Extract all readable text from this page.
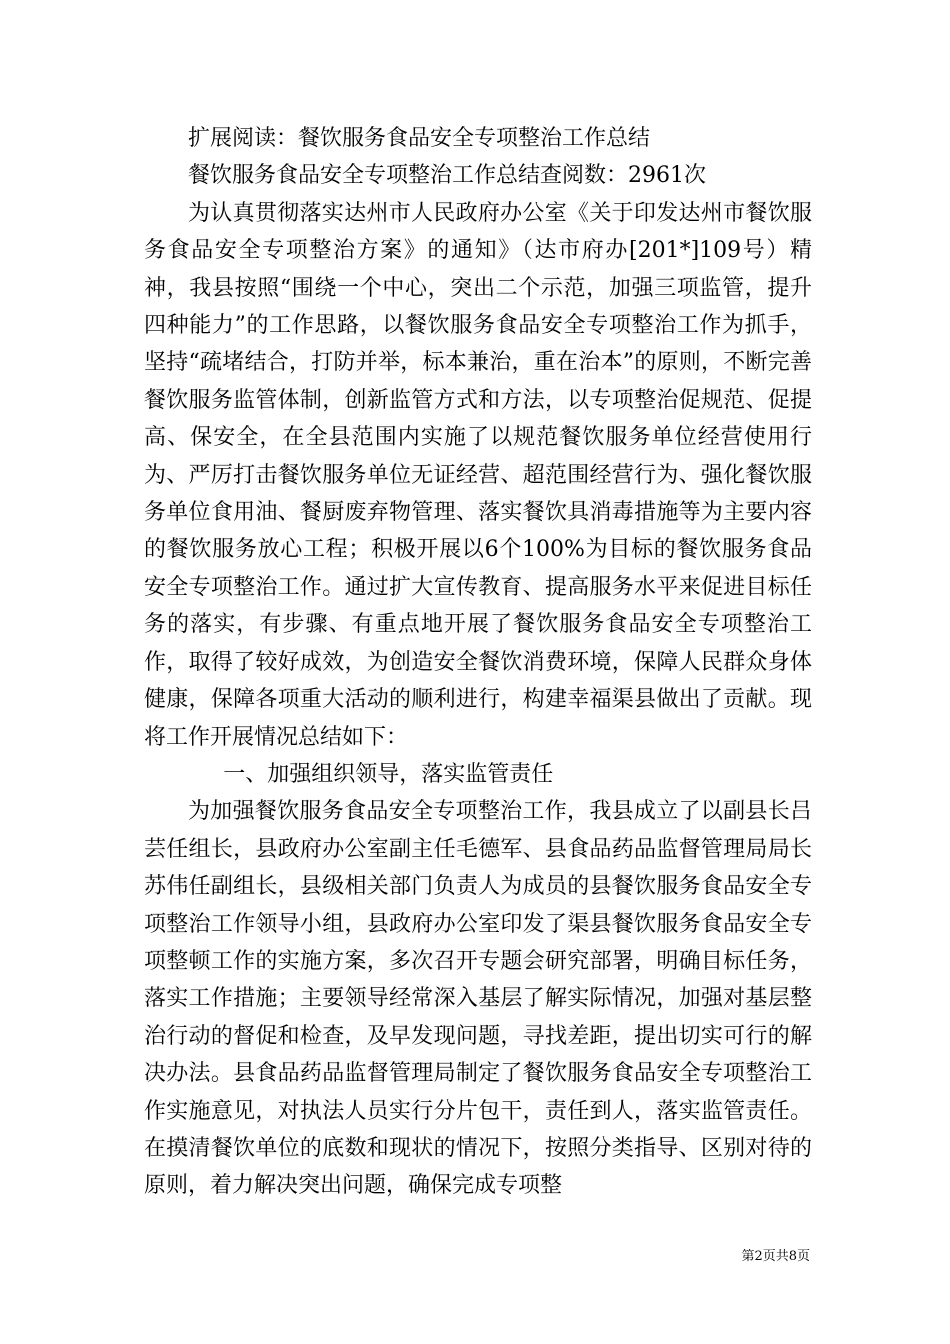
扩展阅读：餐饮服务食品安全专项整治工作总结

餐饮服务食品安全专项整治工作总结查阅数：2961次

为认真贯彻落实达州市人民政府办公室《关于印发达州市餐饮服务食品安全专项整治方案》的通知》（达市府办[201*]109号）精神，我县按照“围绕一个中心，突出二个示范，加强三项监管，提升四种能力”的工作思路，以餐饮服务食品安全专项整治工作为抓手，坚持“疏堵结合，打防并举，标本兼治，重在治本”的原则，不断完善餐饮服务监管体制，创新监管方式和方法，以专项整治促规范、促提高、保安全，在全县范围内实施了以规范餐饮服务单位经营使用行为、严厉打击餐饮服务单位无证经营、超范围经营行为、强化餐饮服务单位食用油、餐厨废弃物管理、落实餐饮具消毒措施等为主要内容的餐饮服务放心工程；积极开展以6个100%为目标的餐饮服务食品安全专项整治工作。通过扩大宣传教育、提高服务水平来促进目标任务的落实，有步骤、有重点地开展了餐饮服务食品安全专项整治工作，取得了较好成效，为创造安全餐饮消费环境，保障人民群众身体健康，保障各项重大活动的顺利进行，构建幸福渠县做出了贡献。现将工作开展情况总结如下：

一、加强组织领导，落实监管责任

为加强餐饮服务食品安全专项整治工作，我县成立了以副县长吕芸任组长，县政府办公室副主任毛德军、县食品药品监督管理局局长苏伟任副组长，县级相关部门负责人为成员的县餐饮服务食品安全专项整治工作领导小组，县政府办公室印发了渠县餐饮服务食品安全专项整顿工作的实施方案，多次召开专题会研究部署，明确目标任务，落实工作措施；主要领导经常深入基层了解实际情况，加强对基层整治行动的督促和检查，及早发现问题，寻找差距，提出切实可行的解决办法。县食品药品监督管理局制定了餐饮服务食品安全专项整治工作实施意见，对执法人员实行分片包干，责任到人，落实监管责任。在摸清餐饮单位的底数和现状的情况下，按照分类指导、区别对待的原则，着力解决突出问题，确保完成专项整

第2页共8页
